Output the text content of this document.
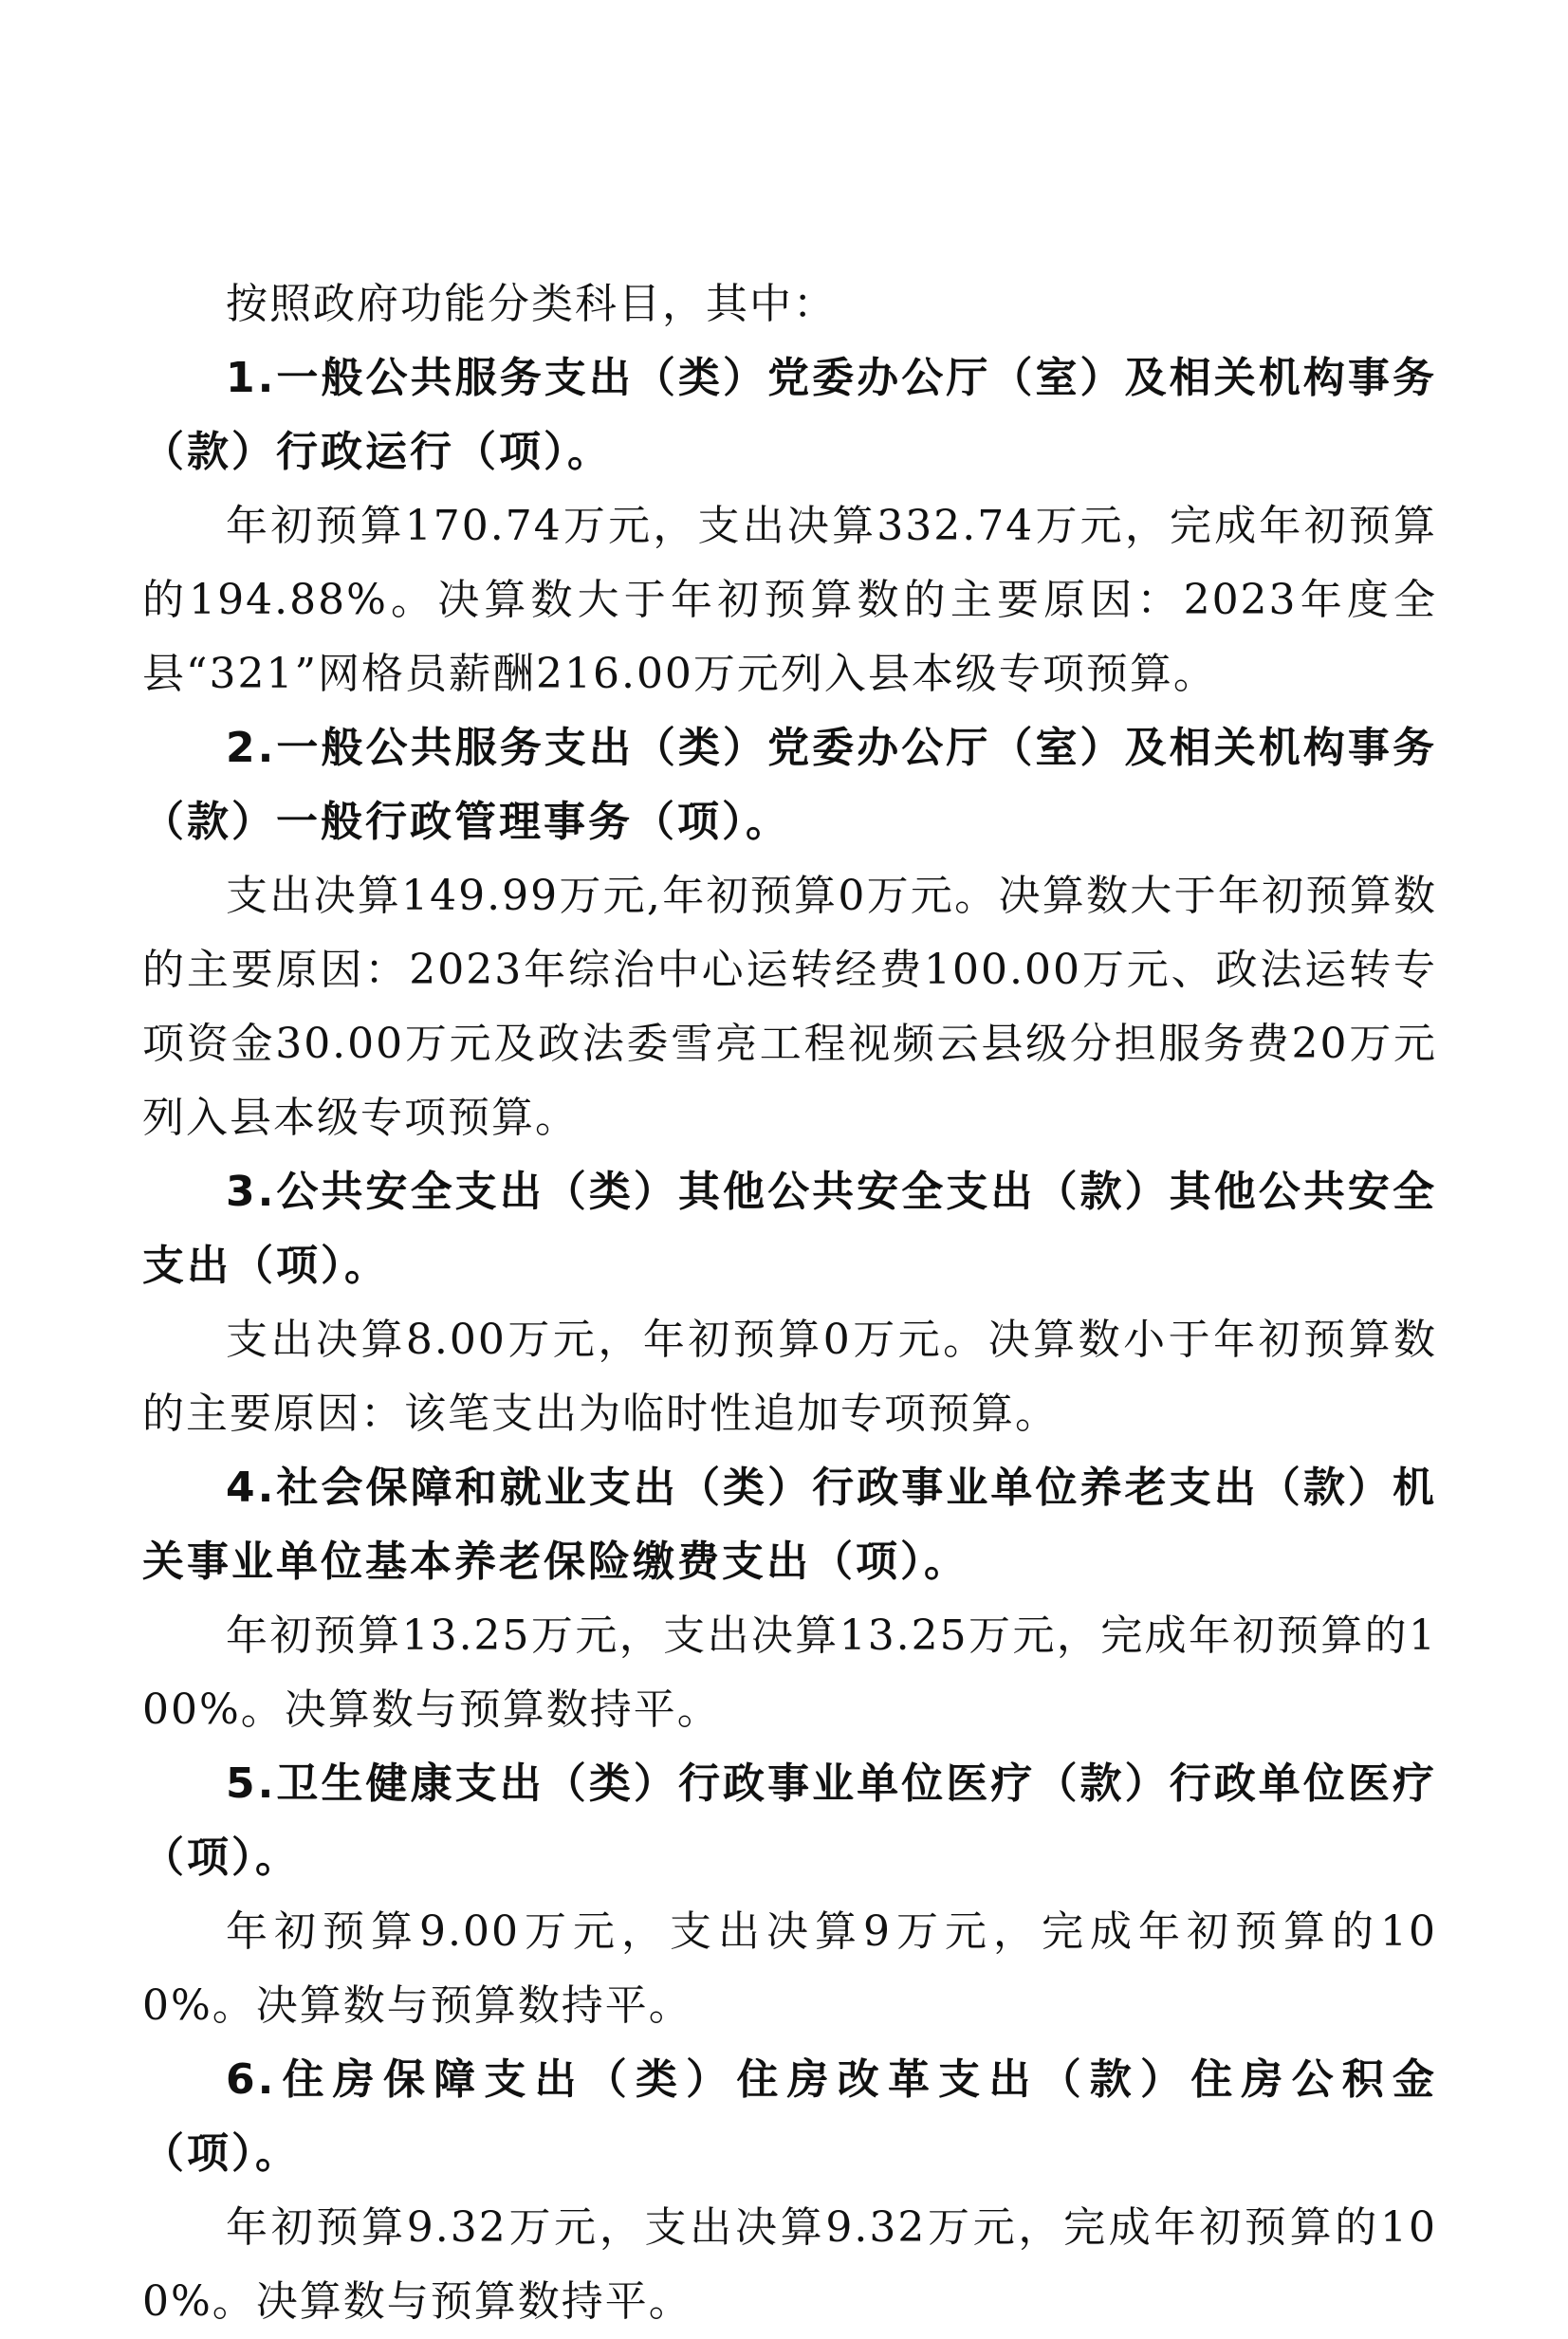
按照政府功能分类科目，其中：

1.一般公共服务支出（类）党委办公厅（室）及相关机构事务（款）行政运行（项）。

年初预算170.74万元，支出决算332.74万元，完成年初预算的194.88%。决算数大于年初预算数的主要原因：2023年度全县“321”网格员薪酬216.00万元列入县本级专项预算。

2.一般公共服务支出（类）党委办公厅（室）及相关机构事务（款）一般行政管理事务（项）。

支出决算149.99万元,年初预算0万元。决算数大于年初预算数的主要原因：2023年综治中心运转经费100.00万元、政法运转专项资金30.00万元及政法委雪亮工程视频云县级分担服务费20万元列入县本级专项预算。

3.公共安全支出（类）其他公共安全支出（款）其他公共安全支出（项）。

支出决算8.00万元，年初预算0万元。决算数小于年初预算数的主要原因：该笔支出为临时性追加专项预算。

4.社会保障和就业支出（类）行政事业单位养老支出（款）机关事业单位基本养老保险缴费支出（项）。

年初预算13.25万元，支出决算13.25万元，完成年初预算的100%。决算数与预算数持平。

5.卫生健康支出（类）行政事业单位医疗（款）行政单位医疗（项）。

年初预算9.00万元，支出决算9万元，完成年初预算的100%。决算数与预算数持平。

6.住房保障支出（类）住房改革支出（款）住房公积金（项）。

年初预算9.32万元，支出决算9.32万元，完成年初预算的100%。决算数与预算数持平。
